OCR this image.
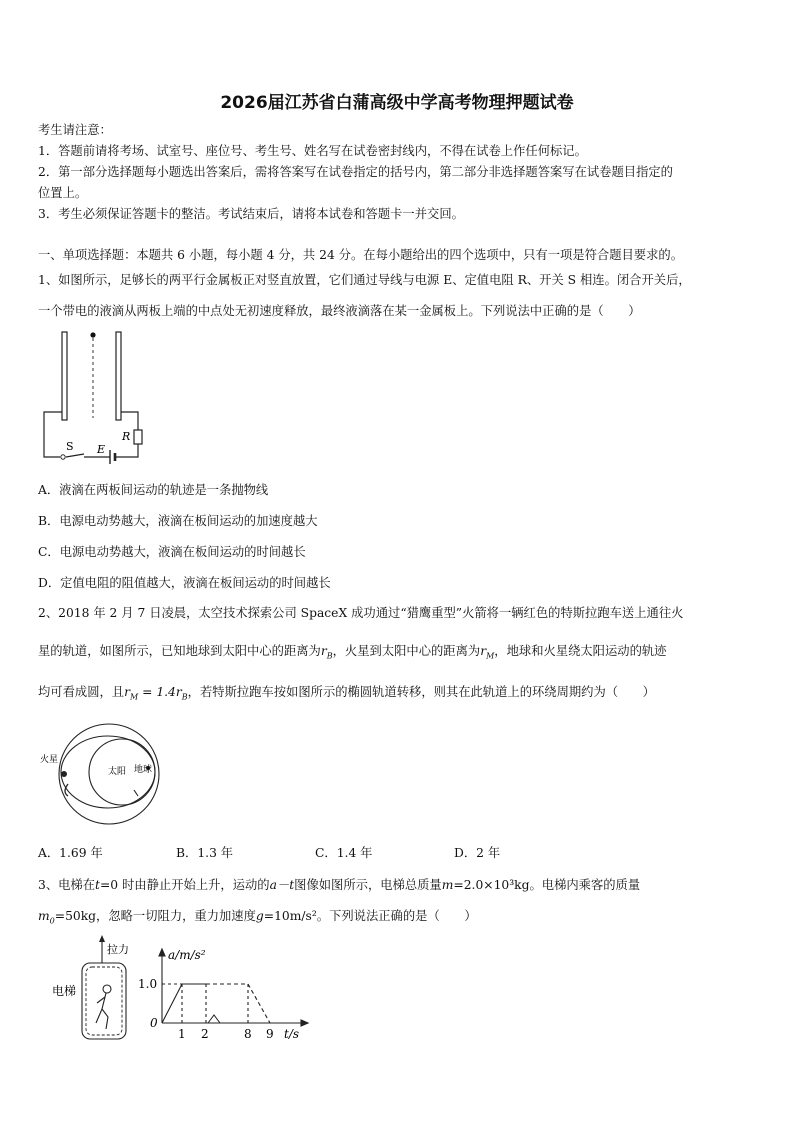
2026届江苏省白蒲高级中学高考物理押题试卷
考生请注意：
1．答题前请将考场、试室号、座位号、考生号、姓名写在试卷密封线内，不得在试卷上作任何标记。
2．第一部分选择题每小题选出答案后，需将答案写在试卷指定的括号内，第二部分非选择题答案写在试卷题目指定的
位置上。
3．考生必须保证答题卡的整洁。考试结束后，请将本试卷和答题卡一并交回。
一、单项选择题：本题共 6 小题，每小题 4 分，共 24 分。在每小题给出的四个选项中，只有一项是符合题目要求的。
1、如图所示，足够长的两平行金属板正对竖直放置，它们通过导线与电源 E、定值电阻 R、开关 S 相连。闭合开关后，
一个带电的液滴从两板上端的中点处无初速度释放，最终液滴落在某一金属板上。下列说法中正确的是（　　）
S E
R
A．液滴在两板间运动的轨迹是一条抛物线
B．电源电动势越大，液滴在板间运动的加速度越大
C．电源电动势越大，液滴在板间运动的时间越长
D．定值电阻的阻值越大，液滴在板间运动的时间越长
2、2018 年 2 月 7 日凌晨，太空技术探索公司 SpaceX 成功通过“猎鹰重型”火箭将一辆红色的特斯拉跑车送上通往火
星的轨道，如图所示，已知地球到太阳中心的距离为$r_B$，火星到太阳中心的距离为$r_M$，地球和火星绕太阳运动的轨迹
均可看成圆，且$r_M = 1.4r_B$，若特斯拉跑车按如图所示的椭圆轨道转移，则其在此轨道上的环绕周期约为（　　）
火星
太阳 地球
A．1.69 年	B．1.3 年	C．1.4 年	D．2 年
3、电梯在t=0 时由静止开始上升，运动的a－t图像如图所示，电梯总质量m=2.0×10³kg。电梯内乘客的质量
$m_0=50kg$，忽略一切阻力，重力加速度g=10m/s²。下列说法正确的是（　　）
拉力
电梯
a/m/s²
1.0
0
1 2	8 9 t/s
